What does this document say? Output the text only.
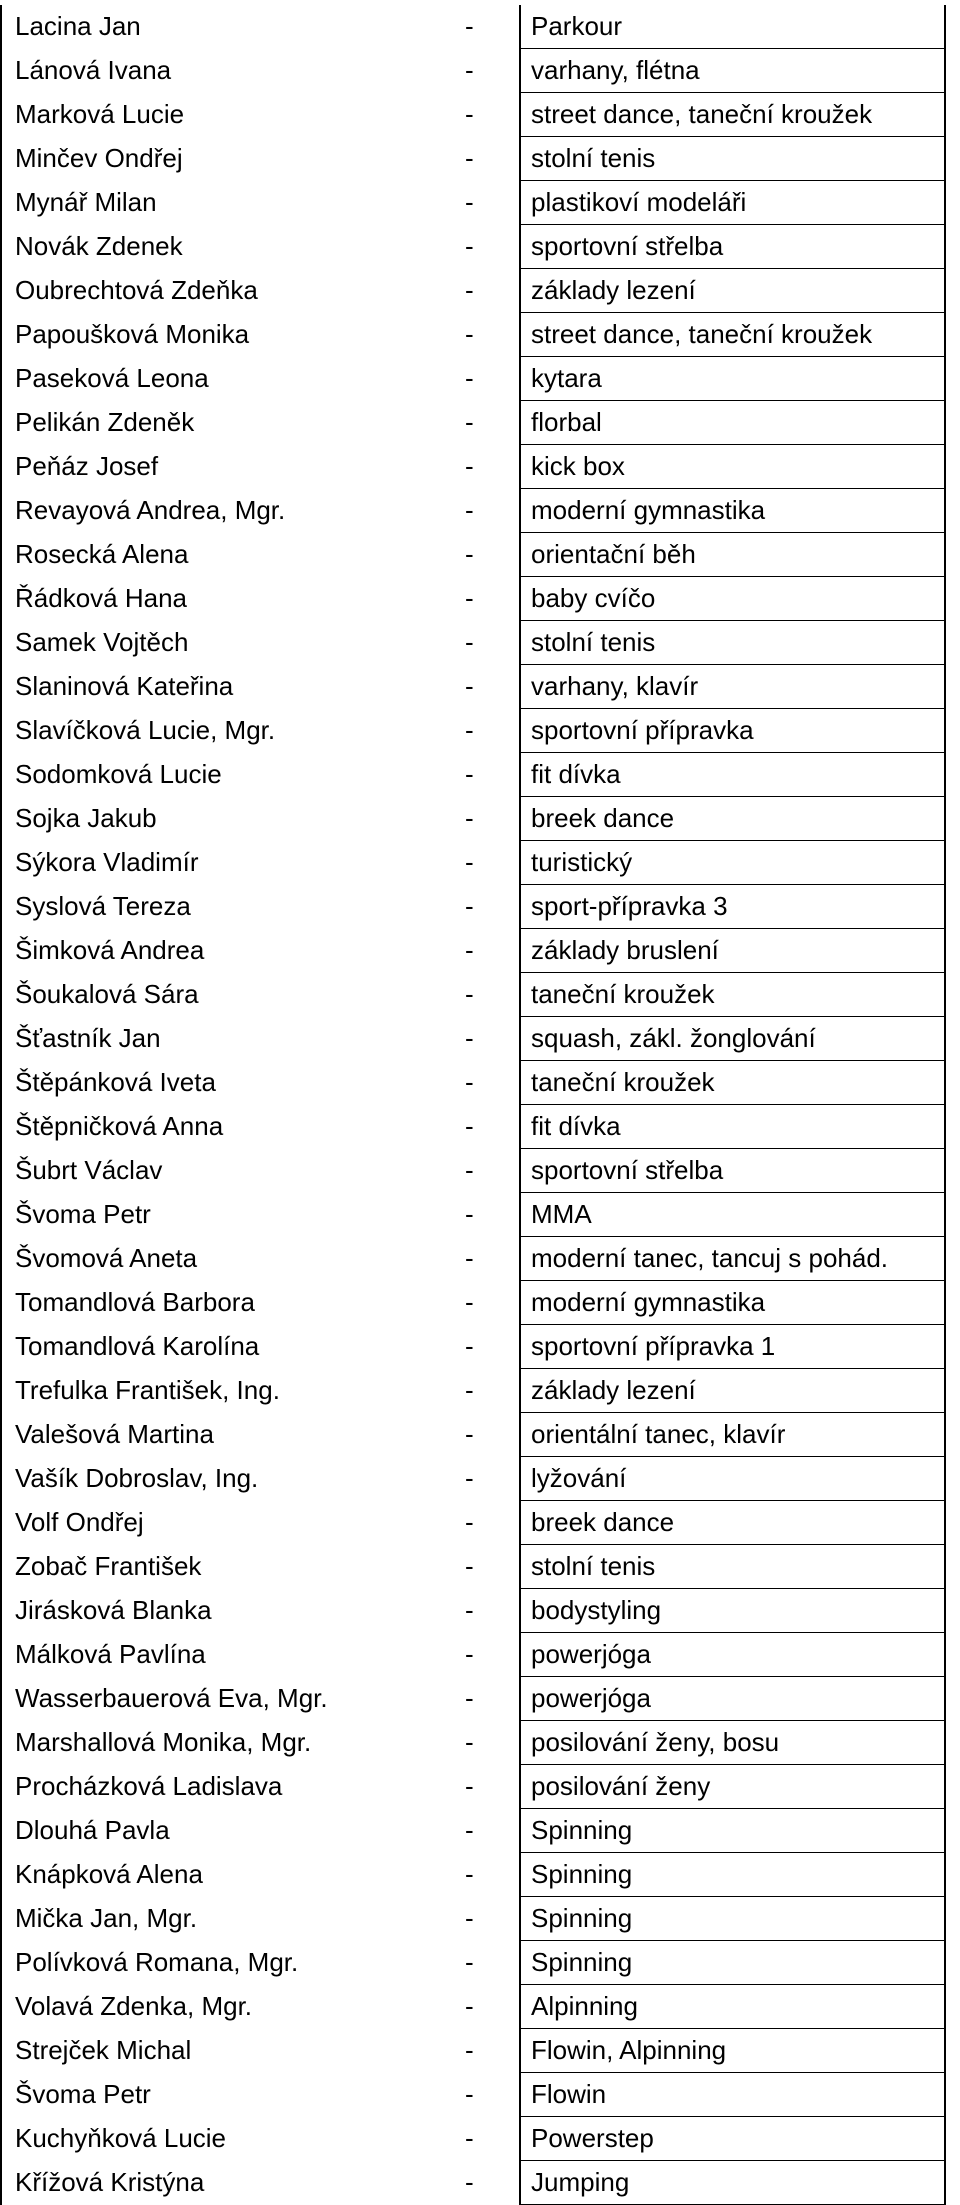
Lacina Jan	-	Parkour
Lánová Ivana	-	varhany, flétna
Marková Lucie	-	street dance, taneční kroužek
Minčev Ondřej	-	stolní tenis
Mynář Milan	-	plastikoví modeláři
Novák Zdenek	-	sportovní střelba
Oubrechtová Zdeňka	-	základy lezení
Papoušková Monika	-	street dance, taneční kroužek
Paseková Leona	-	kytara
Pelikán Zdeněk	-	florbal
Peňáz Josef	-	kick box
Revayová Andrea, Mgr.	-	moderní gymnastika
Rosecká Alena	-	orientační běh
Řádková Hana	-	baby cvíčo
Samek Vojtěch	-	stolní tenis
Slaninová Kateřina	-	varhany, klavír
Slavíčková Lucie, Mgr.	-	sportovní přípravka
Sodomková Lucie	-	fit dívka
Sojka Jakub	-	breek dance
Sýkora Vladimír	-	turistický
Syslová Tereza	-	sport-přípravka 3
Šimková Andrea	-	základy bruslení
Šoukalová Sára	-	taneční kroužek
Šťastník Jan	-	squash, zákl. žonglování
Štěpánková Iveta	-	taneční kroužek
Štěpničková Anna	-	fit dívka
Šubrt Václav	-	sportovní střelba
Švoma Petr	-	MMA
Švomová Aneta	-	moderní tanec, tancuj s pohád.
Tomandlová Barbora	-	moderní gymnastika
Tomandlová Karolína	-	sportovní přípravka 1
Trefulka František, Ing.	-	základy lezení
Valešová Martina	-	orientální tanec, klavír
Vašík Dobroslav, Ing.	-	lyžování
Volf Ondřej	-	breek dance
Zobač František	-	stolní tenis
Jirásková Blanka	-	bodystyling
Málková Pavlína	-	powerjóga
Wasserbauerová Eva, Mgr.	-	powerjóga
Marshallová Monika, Mgr.	-	posilování ženy, bosu
Procházková Ladislava	-	posilování ženy
Dlouhá Pavla	-	Spinning
Knápková Alena	-	Spinning
Mička Jan, Mgr.	-	Spinning
Polívková Romana, Mgr.	-	Spinning
Volavá Zdenka, Mgr.	-	Alpinning
Strejček Michal	-	Flowin, Alpinning
Švoma Petr	-	Flowin
Kuchyňková Lucie	-	Powerstep
Křížová Kristýna	-	Jumping
